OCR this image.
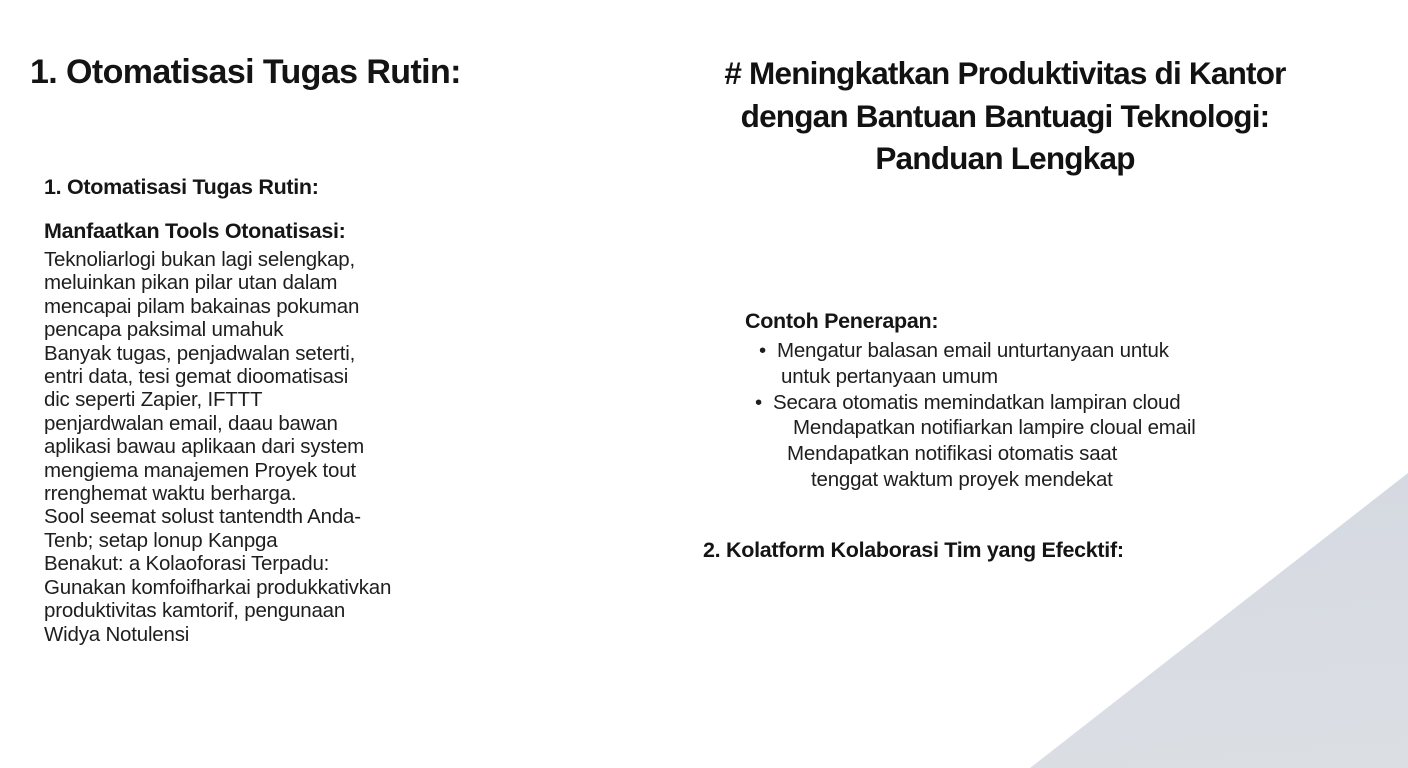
1. Otomatisasi Tugas Rutin:
1. Otomatisasi Tugas Rutin:
Manfaatkan Tools Otonatisasi:
Teknoliarlogi bukan lagi selengkap,
meluinkan pikan pilar utan dalam
mencapai pilam bakainas pokuman
pencapa paksimal umahuk
Banyak tugas, penjadwalan seterti,
entri data, tesi gemat dioomatisasi
dic seperti Zapier, IFTTT
penjardwalan email, daau bawan
aplikasi bawau aplikaan dari system
mengiema manajemen Proyek tout
rrenghemat waktu berharga.
Sool seemat solust tantendth Anda-
Tenb; setap lonup Kanpga
Benakut: a Kolaoforasi Terpadu:
Gunakan komfoifharkai produkkativkan
produktivitas kamtorif, pengunaan
Widya Notulensi
# Meningkatkan Produktivitas di Kantor
dengan Bantuan Bantuagi Teknologi:
Panduan Lengkap
Contoh Penerapan:
•  Mengatur balasan email unturtanyaan untuk
untuk pertanyaan umum
•  Secara otomatis memindatkan lampiran cloud
Mendapatkan notifiarkan lampire cloual email
Mendapatkan notifikasi otomatis saat
tenggat waktum proyek mendekat
2. Kolatform Kolaborasi Tim yang Efecktif:
